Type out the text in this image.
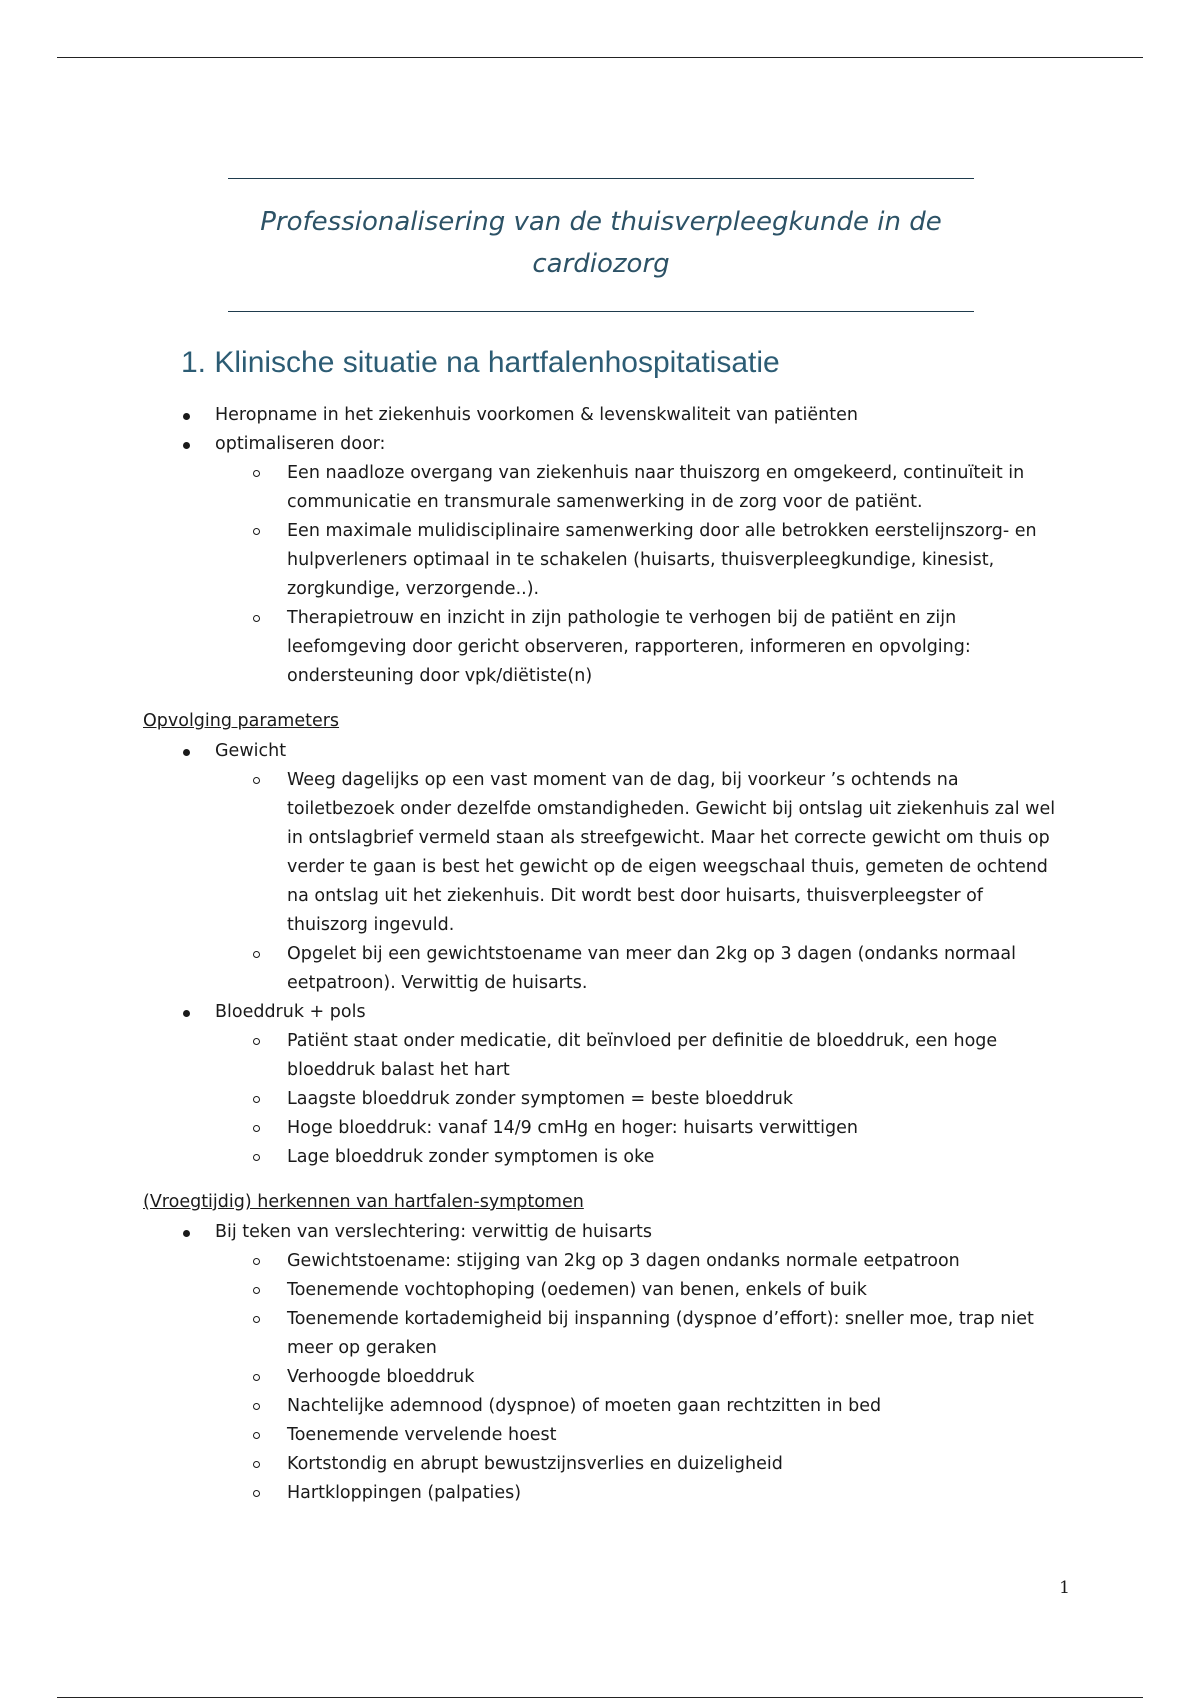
Professionalisering van de thuisverpleegkunde in de cardiozorg
1. Klinische situatie na hartfalenhospitatisatie
Heropname in het ziekenhuis voorkomen & levenskwaliteit van patiënten
optimaliseren door:
Een naadloze overgang van ziekenhuis naar thuiszorg en omgekeerd, continuïteit in communicatie en transmurale samenwerking in de zorg voor de patiënt.
Een maximale mulidisciplinaire samenwerking door alle betrokken eerstelijnszorg- en hulpverleners optimaal in te schakelen (huisarts, thuisverpleegkundige, kinesist, zorgkundige, verzorgende..).
Therapietrouw en inzicht in zijn pathologie te verhogen bij de patiënt en zijn leefomgeving door gericht observeren, rapporteren, informeren en opvolging: ondersteuning door vpk/diëtiste(n)
Opvolging parameters
Gewicht
Weeg dagelijks op een vast moment van de dag, bij voorkeur ’s ochtends na toiletbezoek onder dezelfde omstandigheden. Gewicht bij ontslag uit ziekenhuis zal wel in ontslagbrief vermeld staan als streefgewicht. Maar het correcte gewicht om thuis op verder te gaan is best het gewicht op de eigen weegschaal thuis, gemeten de ochtend na ontslag uit het ziekenhuis. Dit wordt best door huisarts, thuisverpleegster of thuiszorg ingevuld.
Opgelet bij een gewichtstoename van meer dan 2kg op 3 dagen (ondanks normaal eetpatroon). Verwittig de huisarts.
Bloeddruk + pols
Patiënt staat onder medicatie, dit beïnvloed per definitie de bloeddruk, een hoge bloeddruk balast het hart
Laagste bloeddruk zonder symptomen = beste bloeddruk
Hoge bloeddruk: vanaf 14/9 cmHg en hoger: huisarts verwittigen
Lage bloeddruk zonder symptomen is oke
(Vroegtijdig) herkennen van hartfalen-symptomen
Bij teken van verslechtering: verwittig de huisarts
Gewichtstoename: stijging van 2kg op 3 dagen ondanks normale eetpatroon
Toenemende vochtophoping (oedemen) van benen, enkels of buik
Toenemende kortademigheid bij inspanning (dyspnoe d’effort): sneller moe, trap niet meer op geraken
Verhoogde bloeddruk
Nachtelijke ademnood (dyspnoe) of moeten gaan rechtzitten in bed
Toenemende vervelende hoest
Kortstondig en abrupt bewustzijnsverlies en duizeligheid
Hartkloppingen (palpaties)
1
